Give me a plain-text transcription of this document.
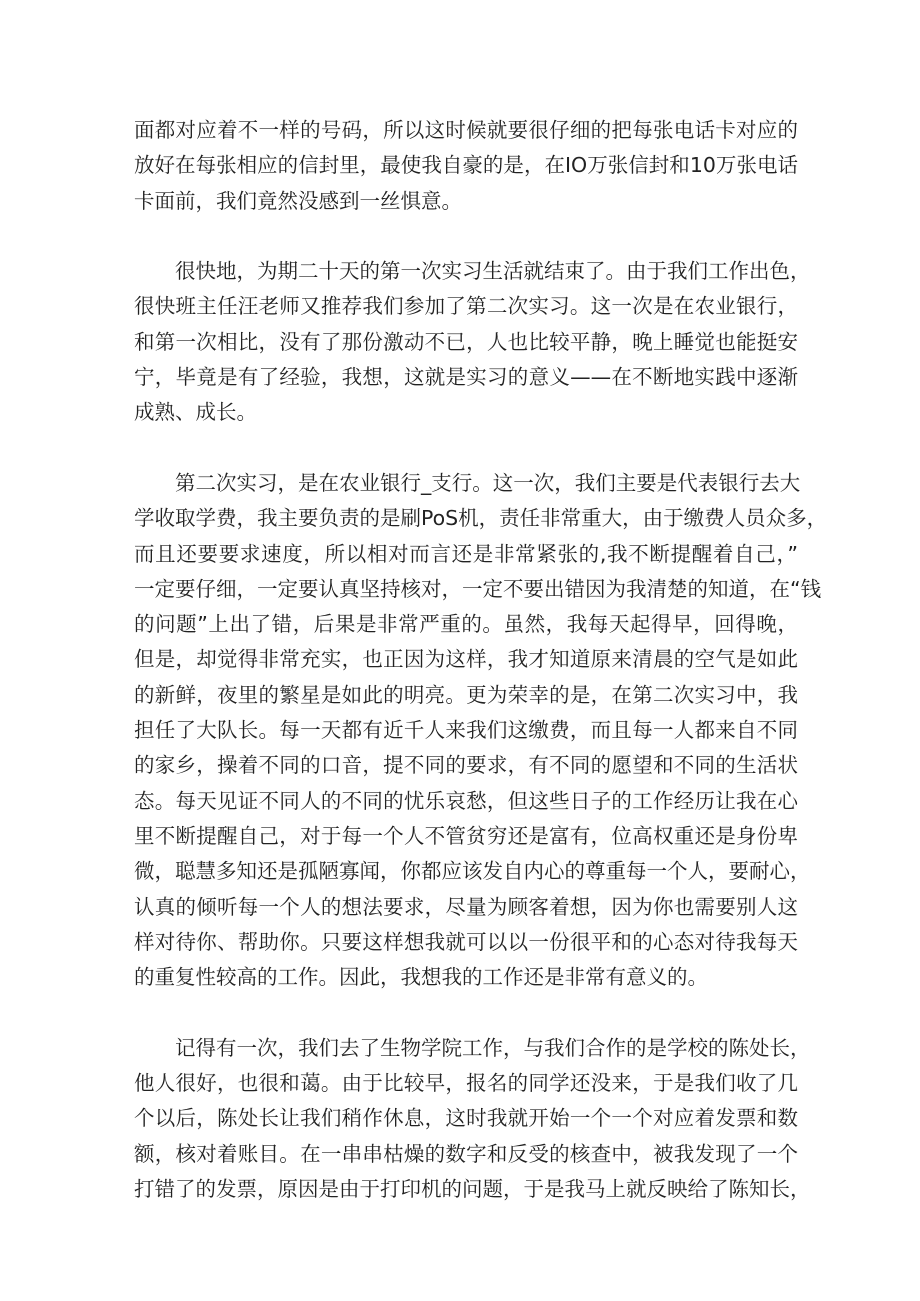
面都对应着不一样的号码，所以这时候就要很仔细的把每张电话卡对应的
放好在每张相应的信封里，最使我自豪的是，在IO万张信封和10万张电话
卡面前，我们竟然没感到一丝惧意。
　　很快地，为期二十天的第一次实习生活就结束了。由于我们工作出色，
很快班主任汪老师又推荐我们参加了第二次实习。这一次是在农业银行，
和第一次相比，没有了那份激动不已，人也比较平静，晚上睡觉也能挺安
宁，毕竟是有了经验，我想，这就是实习的意义——在不断地实践中逐渐
成熟、成长。
　　第二次实习，是在农业银行_支行。这一次，我们主要是代表银行去大
学收取学费，我主要负责的是刷PoS机，责任非常重大，由于缴费人员众多，
而且还要要求速度，所以相对而言还是非常紧张的,我不断提醒着自己，”
一定要仔细，一定要认真坚持核对，一定不要出错因为我清楚的知道，在“钱
的问题”上出了错，后果是非常严重的。虽然，我每天起得早，回得晚，
但是，却觉得非常充实，也正因为这样，我才知道原来清晨的空气是如此
的新鲜，夜里的繁星是如此的明亮。更为荣幸的是，在第二次实习中，我
担任了大队长。每一天都有近千人来我们这缴费，而且每一人都来自不同
的家乡，操着不同的口音，提不同的要求，有不同的愿望和不同的生活状
态。每天见证不同人的不同的忧乐哀愁，但这些日子的工作经历让我在心
里不断提醒自己，对于每一个人不管贫穷还是富有，位高权重还是身份卑
微，聪慧多知还是孤陋寡闻，你都应该发自内心的尊重每一个人，要耐心，
认真的倾听每一个人的想法要求，尽量为顾客着想，因为你也需要别人这
样对待你、帮助你。只要这样想我就可以以一份很平和的心态对待我每天
的重复性较高的工作。因此，我想我的工作还是非常有意义的。
　　记得有一次，我们去了生物学院工作，与我们合作的是学校的陈处长，
他人很好，也很和蔼。由于比较早，报名的同学还没来，于是我们收了几
个以后，陈处长让我们稍作休息，这时我就开始一个一个对应着发票和数
额，核对着账目。在一串串枯燥的数字和反受的核查中，被我发现了一个
打错了的发票，原因是由于打印机的问题，于是我马上就反映给了陈知长，
